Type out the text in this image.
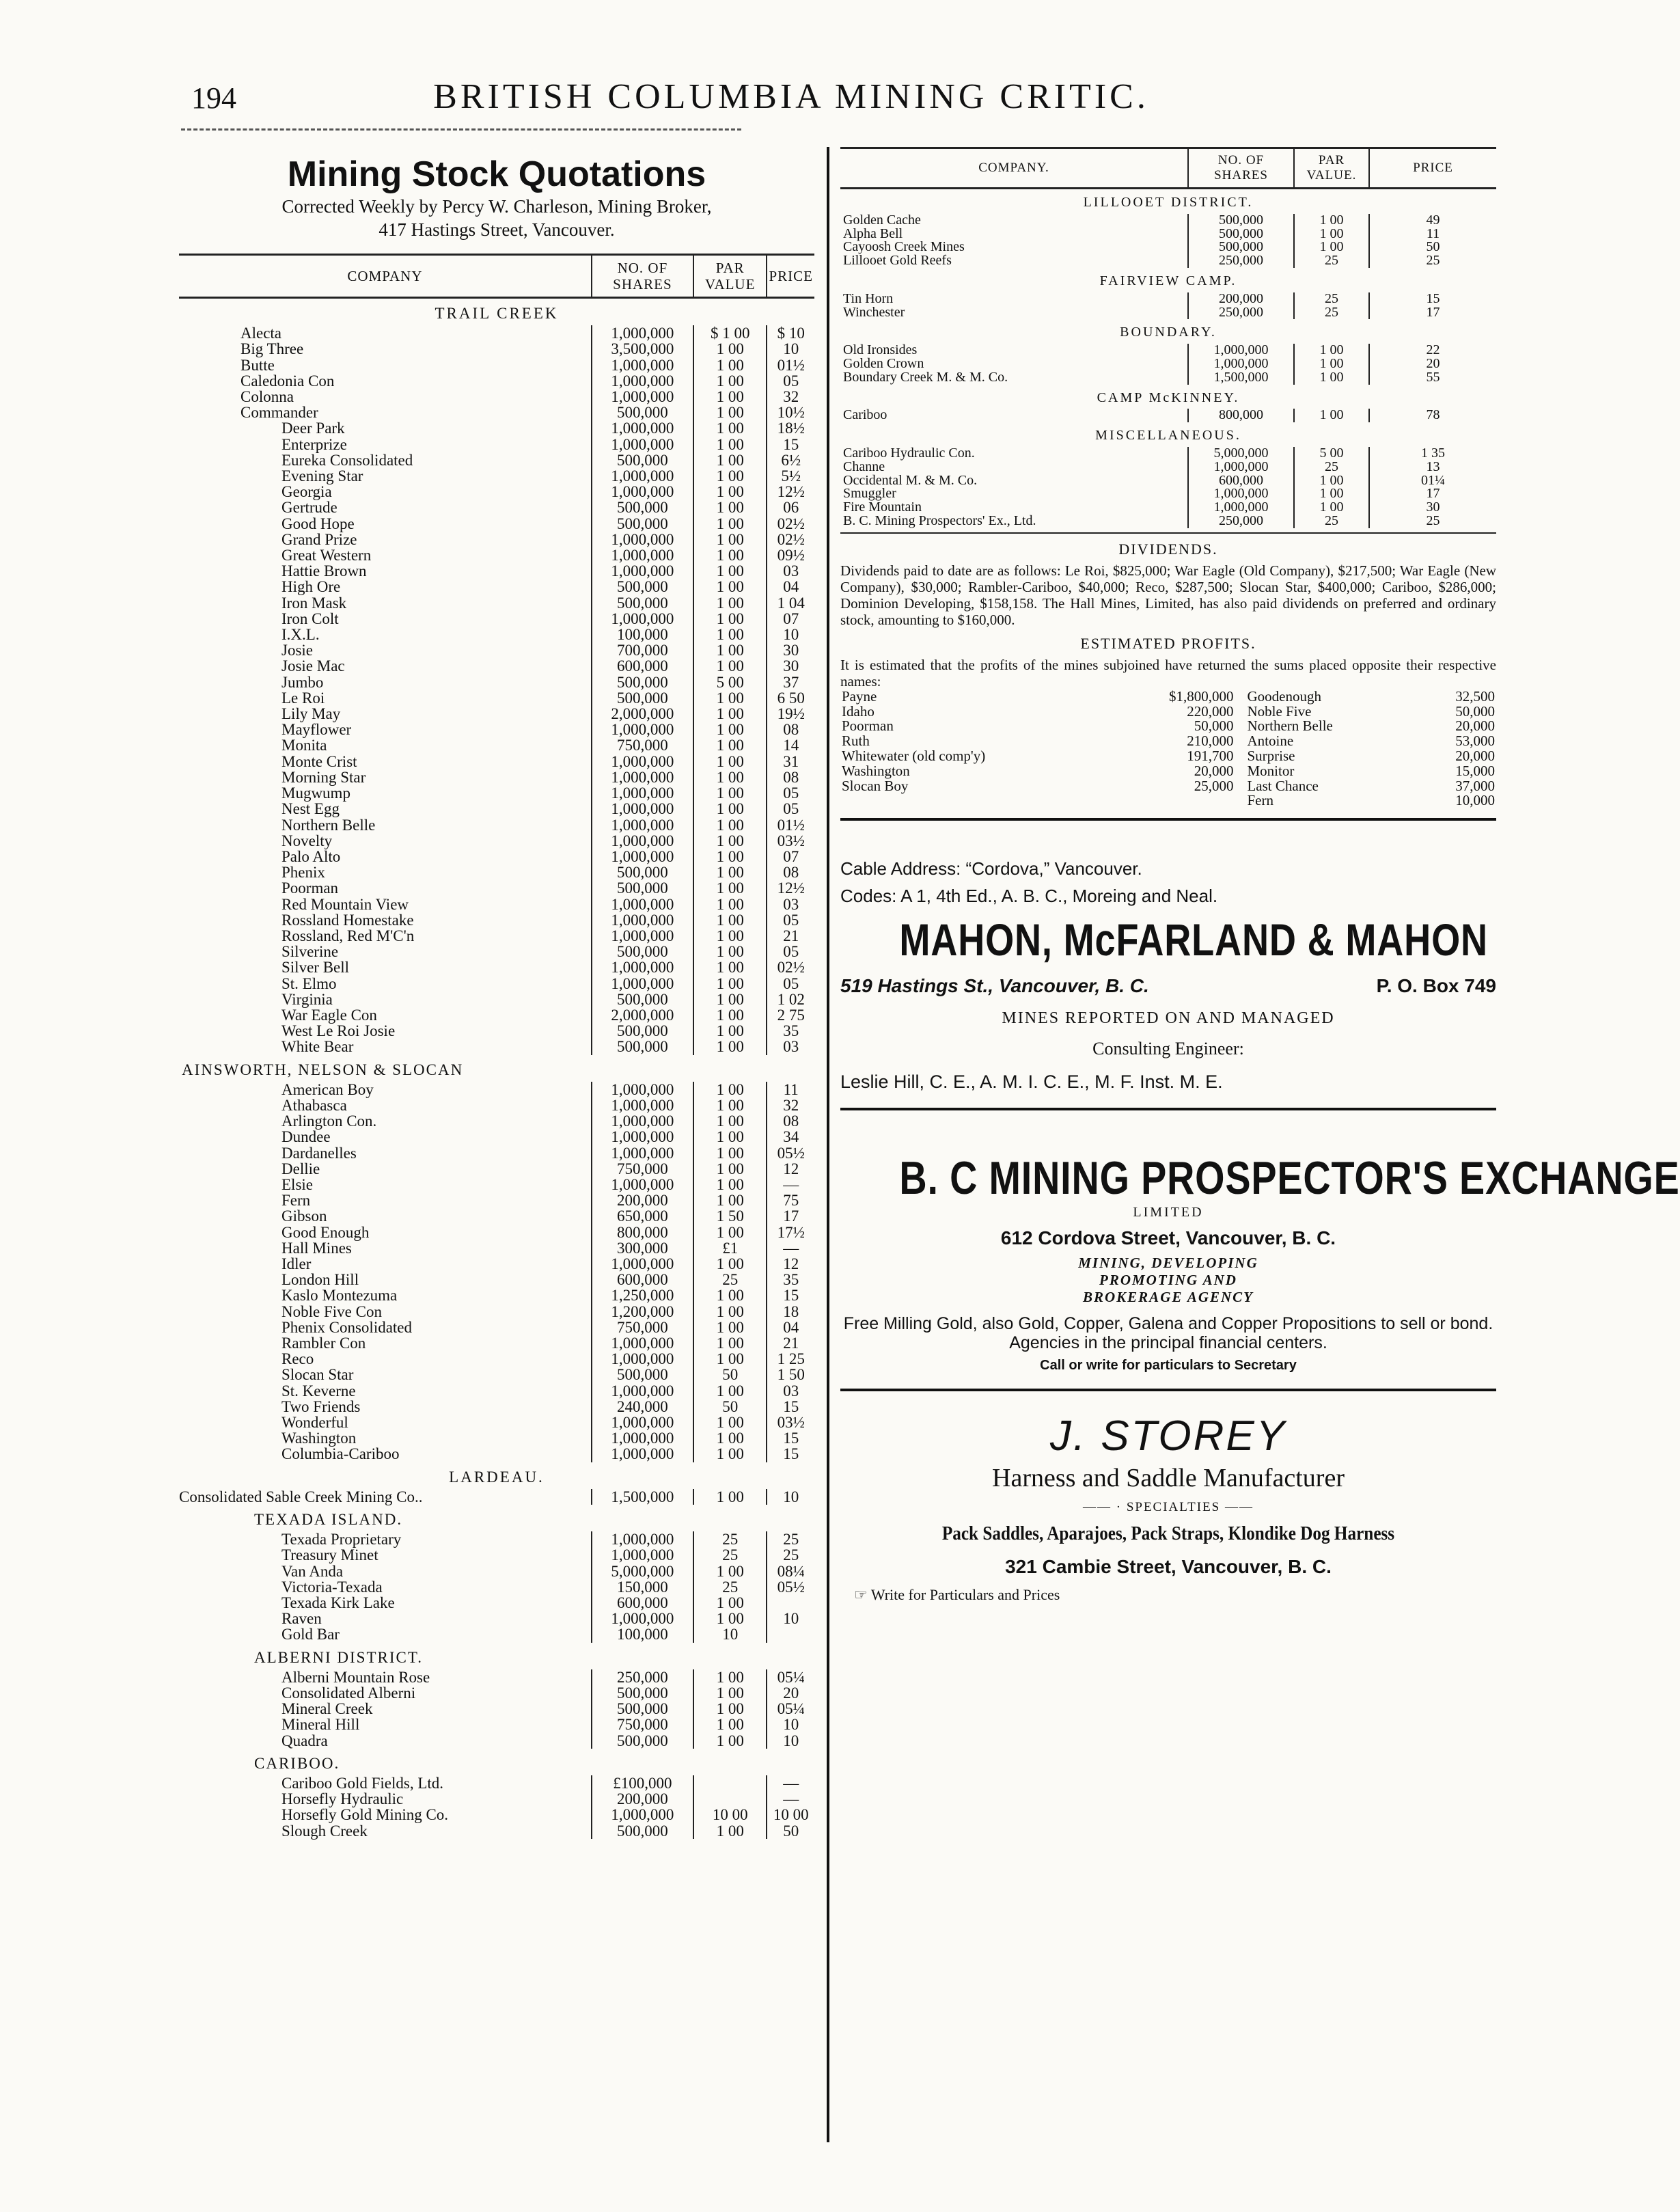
194	BRITISH COLUMBIA MINING CRITIC.
Mining Stock Quotations
Corrected Weekly by Percy W. Charleson, Mining Broker,
417 Hastings Street, Vancouver.
COMPANY	NO. OF SHARES	PAR VALUE	PRICE
TRAIL CREEK			
Alecta	1,000,000	$ 1 00	$ 10
Big Three	3,500,000	1 00	10
Butte	1,000,000	1 00	01½
Caledonia Con	1,000,000	1 00	05
Colonna	1,000,000	1 00	32
Commander	500,000	1 00	10½
Deer Park	1,000,000	1 00	18½
Enterprize	1,000,000	1 00	15
Eureka Consolidated	500,000	1 00	6½
Evening Star	1,000,000	1 00	5½
Georgia	1,000,000	1 00	12½
Gertrude	500,000	1 00	06
Good Hope	500,000	1 00	02½
Grand Prize	1,000,000	1 00	02½
Great Western	1,000,000	1 00	09½
Hattie Brown	1,000,000	1 00	03
High Ore	500,000	1 00	04
Iron Mask	500,000	1 00	1 04
Iron Colt	1,000,000	1 00	07
I.X.L.	100,000	1 00	10
Josie	700,000	1 00	30
Josie Mac	600,000	1 00	30
Jumbo	500,000	5 00	37
Le Roi	500,000	1 00	6 50
Lily May	2,000,000	1 00	19½
Mayflower	1,000,000	1 00	08
Monita	750,000	1 00	14
Monte Crist	1,000,000	1 00	31
Morning Star	1,000,000	1 00	08
Mugwump	1,000,000	1 00	05
Nest Egg	1,000,000	1 00	05
Northern Belle	1,000,000	1 00	01½
Novelty	1,000,000	1 00	03½
Palo Alto	1,000,000	1 00	07
Phenix	500,000	1 00	08
Poorman	500,000	1 00	12½
Red Mountain View	1,000,000	1 00	03
Rossland Homestake	1,000,000	1 00	05
Rossland, Red M'C'n	1,000,000	1 00	21
Silverine	500,000	1 00	05
Silver Bell	1,000,000	1 00	02½
St. Elmo	1,000,000	1 00	05
Virginia	500,000	1 00	1 02
War Eagle Con	2,000,000	1 00	2 75
West Le Roi Josie	500,000	1 00	35
White Bear	500,000	1 00	03
AINSWORTH, NELSON & SLOCAN			
American Boy	1,000,000	1 00	11
Athabasca	1,000,000	1 00	32
Arlington Con.	1,000,000	1 00	08
Dundee	1,000,000	1 00	34
Dardanelles	1,000,000	1 00	05½
Dellie	750,000	1 00	12
Elsie	1,000,000	1 00	—
Fern	200,000	1 00	75
Gibson	650,000	1 50	17
Good Enough	800,000	1 00	17½
Hall Mines	300,000	£1	—
Idler	1,000,000	1 00	12
London Hill	600,000	25	35
Kaslo Montezuma	1,250,000	1 00	15
Noble Five Con	1,200,000	1 00	18
Phenix Consolidated	750,000	1 00	04
Rambler Con	1,000,000	1 00	21
Reco	1,000,000	1 00	1 25
Slocan Star	500,000	50	1 50
St. Keverne	1,000,000	1 00	03
Two Friends	240,000	50	15
Wonderful	1,000,000	1 00	03½
Washington	1,000,000	1 00	15
Columbia-Cariboo	1,000,000	1 00	15
LARDEAU.			
Consolidated Sable Creek Mining Co..	1,500,000	1 00	10
TEXADA ISLAND.			
Texada Proprietary	1,000,000	25	25
Treasury Minet	1,000,000	25	25
Van Anda	5,000,000	1 00	08¼
Victoria-Texada	150,000	25	05½
Texada Kirk Lake	600,000	1 00	
Raven	1,000,000	1 00	10
Gold Bar	100,000	10	
ALBERNI DISTRICT.			
Alberni Mountain Rose	250,000	1 00	05¼
Consolidated Alberni	500,000	1 00	20
Mineral Creek	500,000	1 00	05¼
Mineral Hill	750,000	1 00	10
Quadra	500,000	1 00	10
CARIBOO.			
Cariboo Gold Fields, Ltd.	£100,000		—
Horsefly Hydraulic	200,000		—
Horsefly Gold Mining Co.	1,000,000	10 00	10 00
Slough Creek	500,000	1 00	50
COMPANY.	NO. OF SHARES	PAR VALUE.	PRICE
LILLOOET DISTRICT.			
Golden Cache	500,000	1 00	49
Alpha Bell	500,000	1 00	11
Cayoosh Creek Mines	500,000	1 00	50
Lillooet Gold Reefs	250,000	25	25
FAIRVIEW CAMP.			
Tin Horn	200,000	25	15
Winchester	250,000	25	17
BOUNDARY.			
Old Ironsides	1,000,000	1 00	22
Golden Crown	1,000,000	1 00	20
Boundary Creek M. & M. Co.	1,500,000	1 00	55
CAMP McKINNEY.			
Cariboo	800,000	1 00	78
MISCELLANEOUS.			
Cariboo Hydraulic Con.	5,000,000	5 00	1 35
Channe	1,000,000	25	13
Occidental M. & M. Co.	600,000	1 00	01¼
Smuggler	1,000,000	1 00	17
Fire Mountain	1,000,000	1 00	30
B. C. Mining Prospectors' Ex., Ltd.	250,000	25	25
DIVIDENDS.
Dividends paid to date are as follows: Le Roi, $825,000; War Eagle (Old Company), $217,500; War Eagle (New Company), $30,000; Rambler-Cariboo, $40,000; Reco, $287,500; Slocan Star, $400,000; Cariboo, $286,000; Dominion Developing, $158,158. The Hall Mines, Limited, has also paid dividends on preferred and ordinary stock, amounting to $160,000.
ESTIMATED PROFITS.
It is estimated that the profits of the mines subjoined have returned the sums placed opposite their respective names:
Payne	$1,800,000	Goodenough	32,500
Idaho	220,000	Noble Five	50,000
Poorman	50,000	Northern Belle	20,000
Ruth	210,000	Antoine	53,000
Whitewater (old comp'y)	191,700	Surprise	20,000
Washington	20,000	Monitor	15,000
Slocan Boy	25,000	Last Chance	37,000
		Fern	10,000
Cable Address: “Cordova,” Vancouver.
Codes: A 1, 4th Ed., A. B. C., Moreing and Neal.
MAHON, McFARLAND & MAHON
519 Hastings St., Vancouver, B. C.	P. O. Box 749
MINES REPORTED ON AND MANAGED
Consulting Engineer:
Leslie Hill, C. E., A. M. I. C. E., M. F. Inst. M. E.
B. C MINING PROSPECTOR'S EXCHANGE
LIMITED
612 Cordova Street, Vancouver, B. C.
MINING, DEVELOPING
PROMOTING AND
BROKERAGE AGENCY
Free Milling Gold, also Gold, Copper, Galena and Copper Propositions to sell or bond. Agencies in the principal financial centers.
Call or write for particulars to Secretary
J. STOREY
Harness and Saddle Manufacturer
—— · SPECIALTIES ——
Pack Saddles, Aparajoes, Pack Straps, Klondike Dog Harness
321 Cambie Street, Vancouver, B. C.
☞ Write for Particulars and Prices
